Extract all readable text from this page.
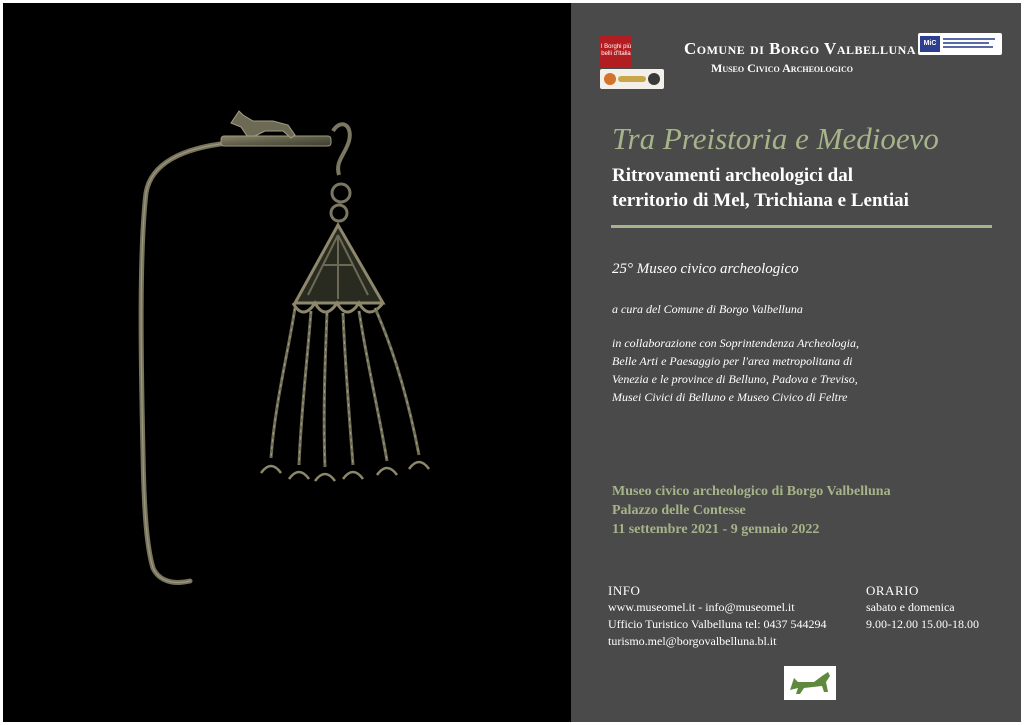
I Borghi più belli d'Italia
MiC
Comune di Borgo Valbelluna
Museo Civico Archeologico
Tra Preistoria e Medioevo
Ritrovamenti archeologici dal
territorio di Mel, Trichiana e Lentiai
25° Museo civico archeologico
a cura del Comune di Borgo Valbelluna
in collaborazione con Soprintendenza Archeologia,
Belle Arti e Paesaggio per l'area metropolitana di
Venezia e le province di Belluno, Padova e Treviso,
Musei Civici di Belluno e Museo Civico di Feltre
Museo civico archeologico di Borgo Valbelluna
Palazzo delle Contesse
11 settembre 2021 - 9 gennaio 2022
INFO
www.museomel.it - info@museomel.it
Ufficio Turistico Valbelluna tel: 0437 544294
turismo.mel@borgovalbelluna.bl.it
ORARIO
sabato e domenica
9.00-12.00 15.00-18.00
